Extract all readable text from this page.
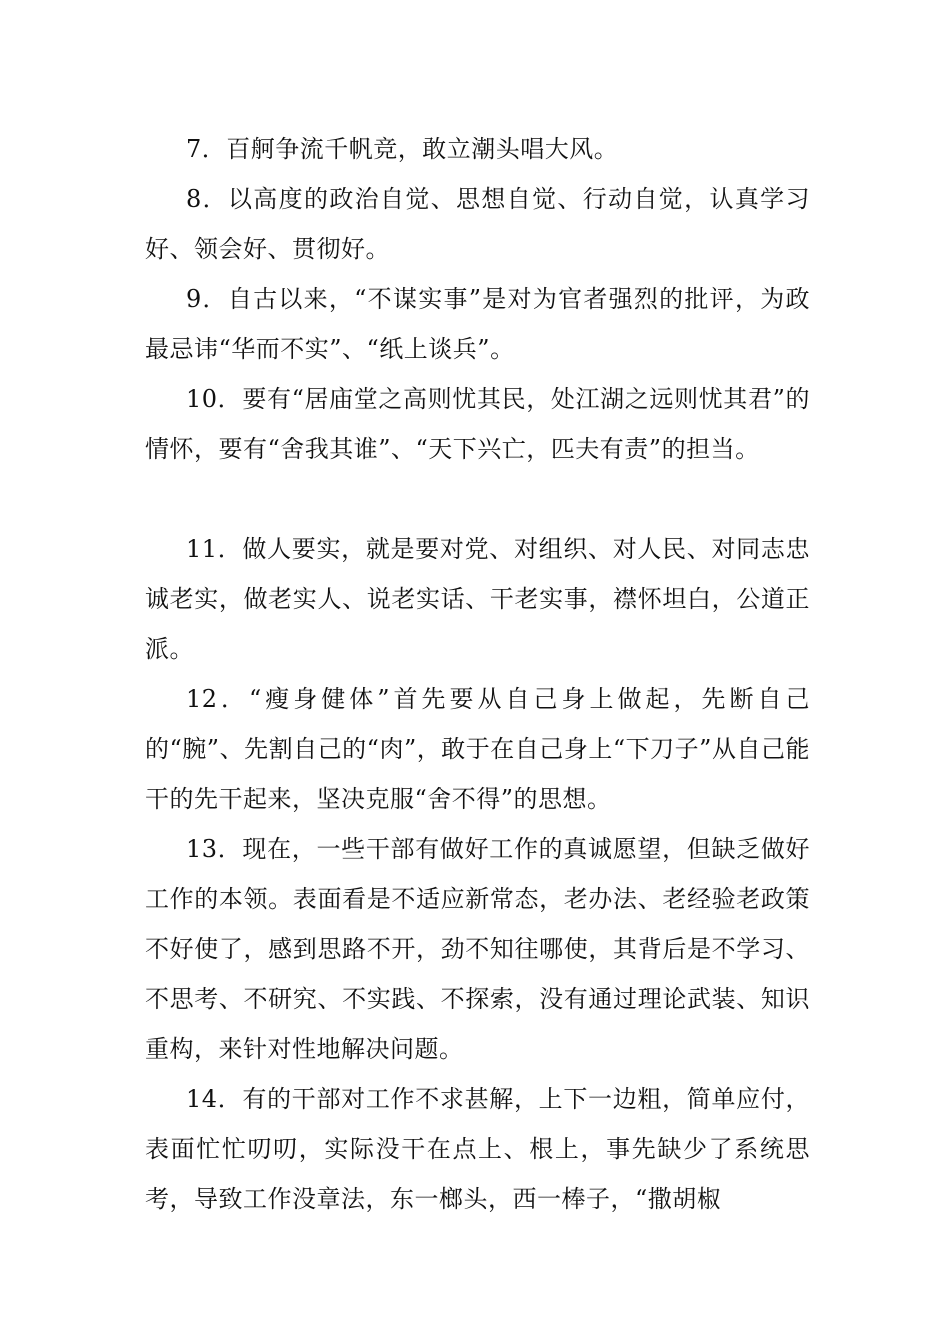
7．百舸争流千帆竞，敢立潮头唱大风。

8．以高度的政治自觉、思想自觉、行动自觉，认真学习好、领会好、贯彻好。

9．自古以来，“不谋实事”是对为官者强烈的批评，为政最忌讳“华而不实”、“纸上谈兵”。

10．要有“居庙堂之高则忧其民，处江湖之远则忧其君”的情怀，要有“舍我其谁”、“天下兴亡，匹夫有责”的担当。

11．做人要实，就是要对党、对组织、对人民、对同志忠诚老实，做老实人、说老实话、干老实事，襟怀坦白，公道正派。

12．“瘦身健体”首先要从自己身上做起，先断自己的“腕”、先割自己的“肉”，敢于在自己身上“下刀子”从自己能干的先干起来，坚决克服“舍不得”的思想。

13．现在，一些干部有做好工作的真诚愿望，但缺乏做好工作的本领。表面看是不适应新常态，老办法、老经验老政策不好使了，感到思路不开，劲不知往哪使，其背后是不学习、不思考、不研究、不实践、不探索，没有通过理论武装、知识重构，来针对性地解决问题。

14．有的干部对工作不求甚解，上下一边粗，简单应付，表面忙忙叨叨，实际没干在点上、根上，事先缺少了系统思考，导致工作没章法，东一榔头，西一棒子，“撒胡椒
